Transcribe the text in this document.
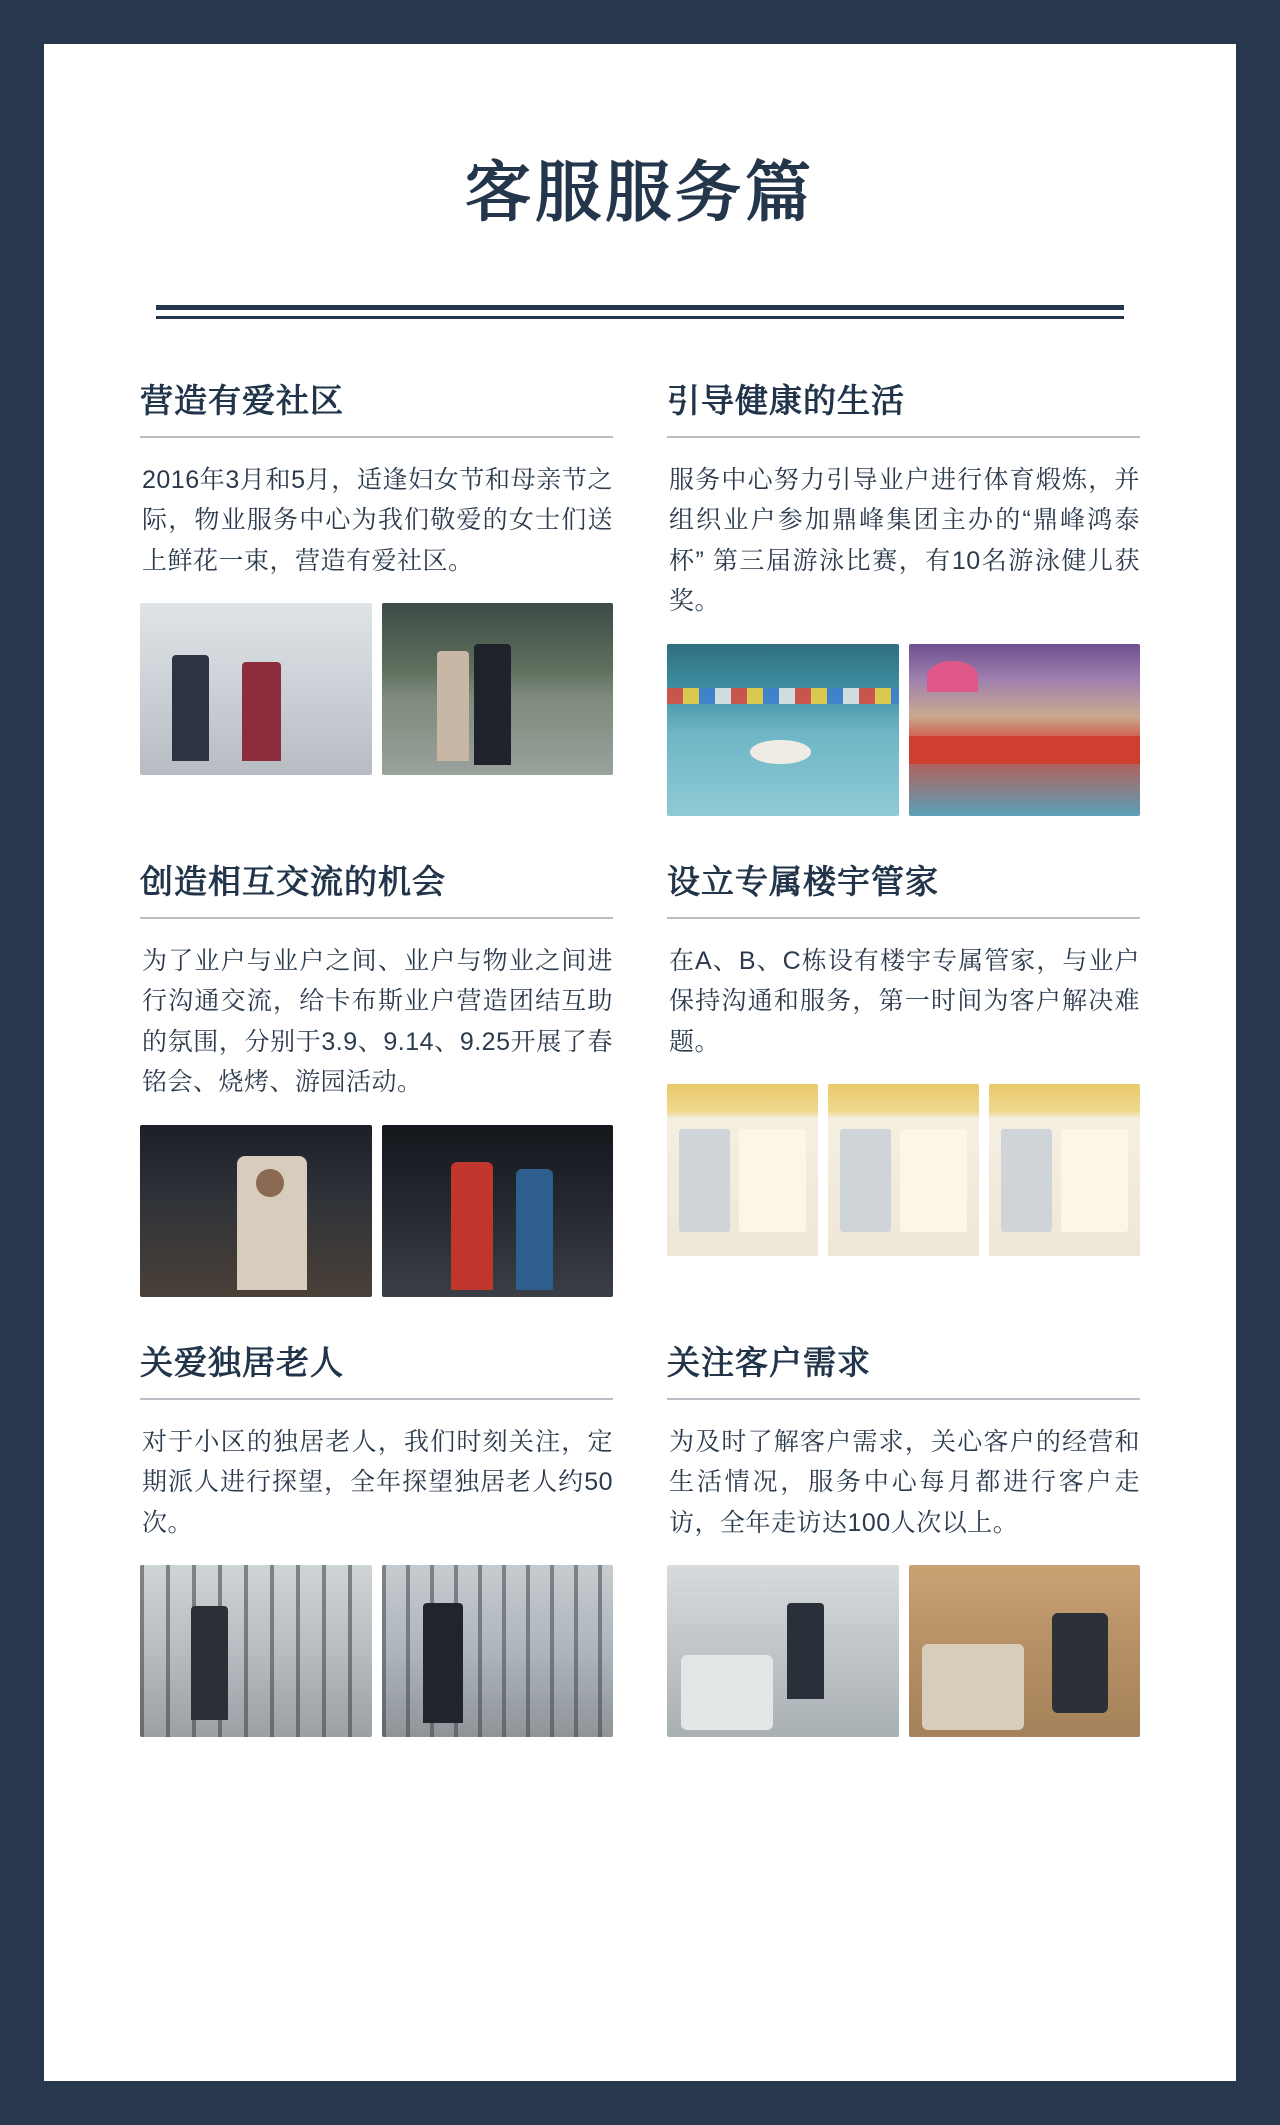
客服服务篇
营造有爱社区

2016年3月和5月，适逢妇女节和母亲节之际，物业服务中心为我们敬爱的女士们送上鲜花一束，营造有爱社区。

引导健康的生活

服务中心努力引导业户进行体育煅炼，并组织业户参加鼎峰集团主办的“鼎峰鸿泰杯” 第三届游泳比赛，有10名游泳健儿获奖。

创造相互交流的机会

为了业户与业户之间、业户与物业之间进行沟通交流，给卡布斯业户营造团结互助的氛围，分别于3.9、9.14、9.25开展了春铭会、烧烤、游园活动。

设立专属楼宇管家

在A、B、C栋设有楼宇专属管家，与业户保持沟通和服务，第一时间为客户解决难题。

关爱独居老人

对于小区的独居老人，我们时刻关注，定期派人进行探望，全年探望独居老人约50次。

关注客户需求

为及时了解客户需求，关心客户的经营和生活情况，服务中心每月都进行客户走访，全年走访达100人次以上。
